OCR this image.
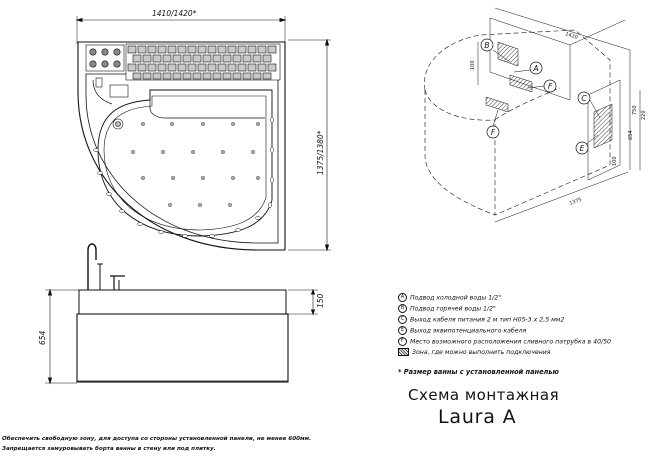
1410/1420*
1375/1380*
150
654
1420
1375
750
100
654
220
100
B
A
F
F
C
E
A Подвод холодной воды 1/2"
B Подвод горячей воды 1/2"
C Выход кабеля питания 2 м тип H05-3 x 2,5 мм2
E Выход эквипотенциального кабеля
F Место возможного расположения сливного патрубка в 40/50
Зона, где можно выполнить подключения
* Размер ванны с установленной панелью
Схема монтажная
Laura A
Обеспечить свободную зону, для доступа со стороны установленной панели, не менее 600мм.
Запрещается замуровывать борта ванны в стену или под плитку.
